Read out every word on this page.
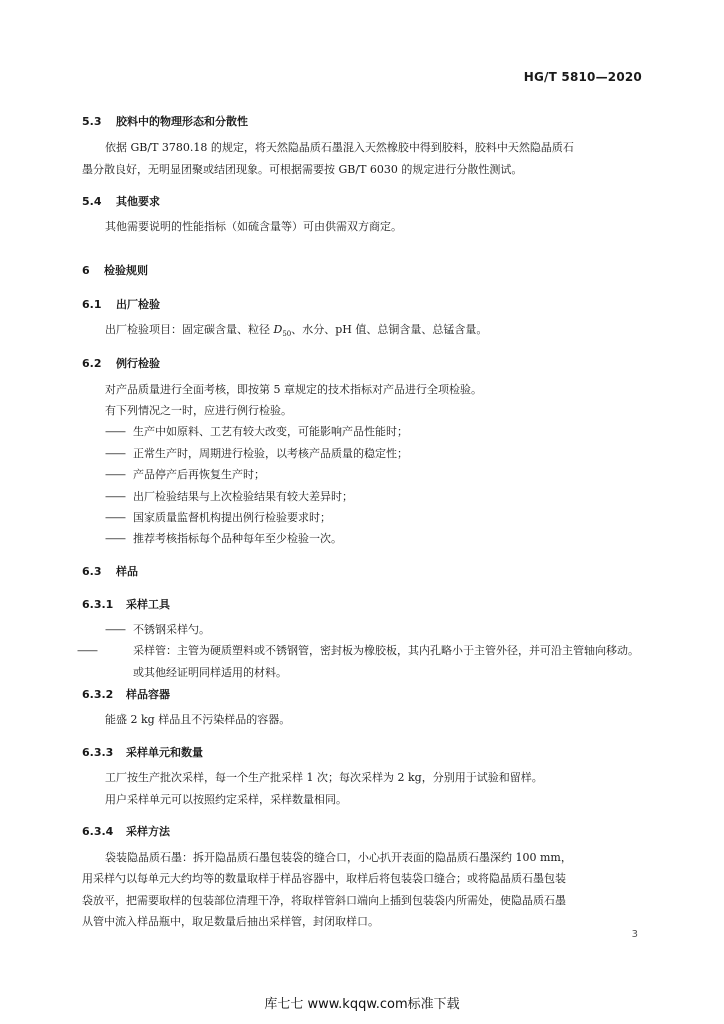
HG/T 5810—2020
5.3 胶料中的物理形态和分散性
依据 GB/T 3780.18 的规定，将天然隐晶质石墨混入天然橡胶中得到胶料，胶料中天然隐晶质石
墨分散良好，无明显团聚或结团现象。可根据需要按 GB/T 6030 的规定进行分散性测试。
5.4 其他要求
其他需要说明的性能指标（如硫含量等）可由供需双方商定。
6 检验规则
6.1 出厂检验
出厂检验项目：固定碳含量、粒径 $D_{50}$、水分、pH 值、总铜含量、总锰含量。
6.2 例行检验
对产品质量进行全面考核，即按第 5 章规定的技术指标对产品进行全项检验。
有下列情况之一时，应进行例行检验。
—— 生产中如原料、工艺有较大改变，可能影响产品性能时；
—— 正常生产时，周期进行检验，以考核产品质量的稳定性；
—— 产品停产后再恢复生产时；
—— 出厂检验结果与上次检验结果有较大差异时；
—— 国家质量监督机构提出例行检验要求时；
—— 推荐考核指标每个品种每年至少检验一次。
6.3 样品
6.3.1 采样工具
—— 不锈钢采样勺。
——	采样管：主管为硬质塑料或不锈钢管，密封板为橡胶板，其内孔略小于主管外径，并可沿主管轴向移动。或其他经证明同样适用的材料。
6.3.2 样品容器
能盛 2 kg 样品且不污染样品的容器。
6.3.3 采样单元和数量
工厂按生产批次采样，每一个生产批采样 1 次；每次采样为 2 kg，分别用于试验和留样。
用户采样单元可以按照约定采样，采样数量相同。
6.3.4 采样方法
袋装隐晶质石墨：拆开隐晶质石墨包装袋的缝合口，小心扒开表面的隐晶质石墨深约 100 mm，
用采样勺以每单元大约均等的数量取样于样品容器中，取样后将包装袋口缝合；或将隐晶质石墨包装
袋放平，把需要取样的包装部位清理干净，将取样管斜口端向上插到包装袋内所需处，使隐晶质石墨
从管中流入样品瓶中，取足数量后抽出采样管，封闭取样口。
3
库七七 www.kqqw.com标准下载
